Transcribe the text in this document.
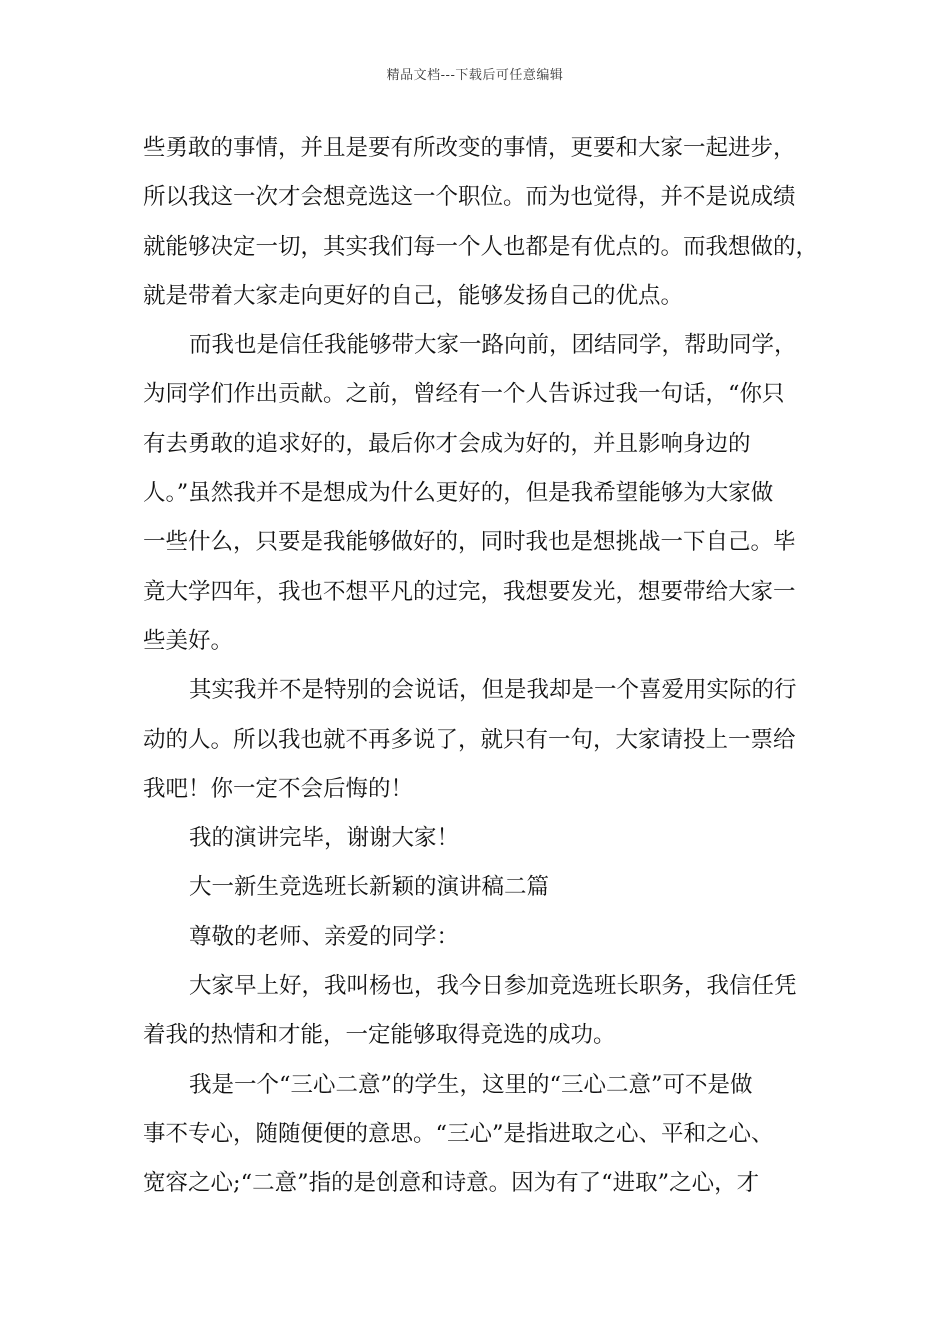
精品文档---下载后可任意编辑
些勇敢的事情，并且是要有所改变的事情，更要和大家一起进步，
所以我这一次才会想竞选这一个职位。而为也觉得，并不是说成绩
就能够决定一切，其实我们每一个人也都是有优点的。而我想做的，
就是带着大家走向更好的自己，能够发扬自己的优点。
而我也是信任我能够带大家一路向前，团结同学，帮助同学，
为同学们作出贡献。之前，曾经有一个人告诉过我一句话，“你只
有去勇敢的追求好的，最后你才会成为好的，并且影响身边的
人。”虽然我并不是想成为什么更好的，但是我希望能够为大家做
一些什么，只要是我能够做好的，同时我也是想挑战一下自己。毕
竟大学四年，我也不想平凡的过完，我想要发光，想要带给大家一
些美好。
其实我并不是特别的会说话，但是我却是一个喜爱用实际的行
动的人。所以我也就不再多说了，就只有一句，大家请投上一票给
我吧！你一定不会后悔的！
我的演讲完毕，谢谢大家！
大一新生竞选班长新颖的演讲稿二篇
尊敬的老师、亲爱的同学：
大家早上好，我叫杨也，我今日参加竞选班长职务，我信任凭
着我的热情和才能，一定能够取得竞选的成功。
我是一个“三心二意”的学生，这里的“三心二意”可不是做
事不专心，随随便便的意思。“三心”是指进取之心、平和之心、
宽容之心;“二意”指的是创意和诗意。因为有了“进取”之心，才
